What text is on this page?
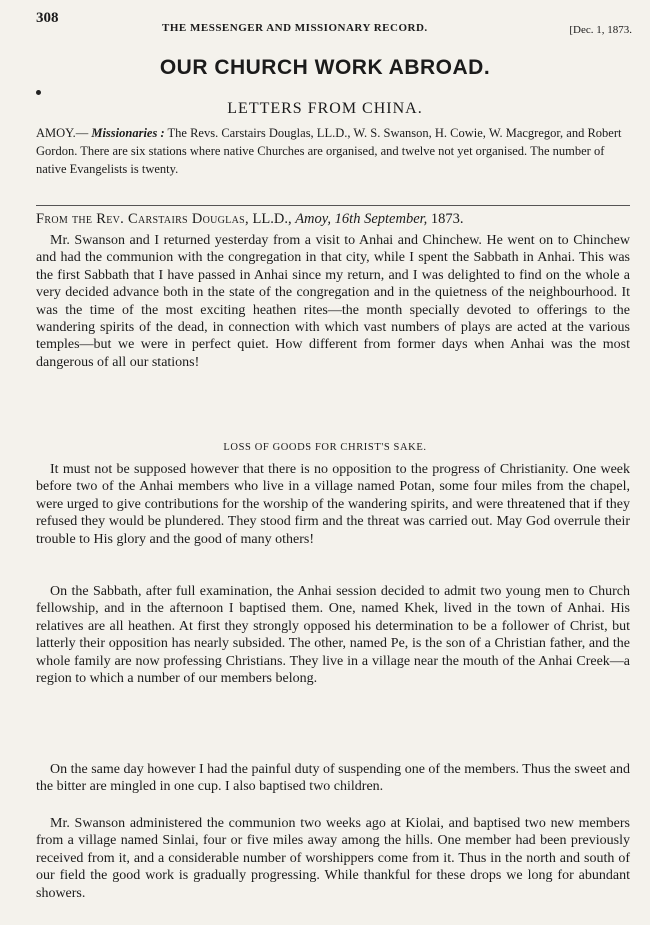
308
THE MESSENGER AND MISSIONARY RECORD.	[Dec. 1, 1873.
OUR CHURCH WORK ABROAD.
LETTERS FROM CHINA.
AMOY.— Missionaries : The Revs. Carstairs Douglas, LL.D., W. S. Swanson, H. Cowie, W. Macgregor, and Robert Gordon. There are six stations where native Churches are organised, and twelve not yet organised. The number of native Evangelists is twenty.
From the Rev. Carstairs Douglas, LL.D., Amoy, 16th September, 1873.

Mr. Swanson and I returned yesterday from a visit to Anhai and Chinchew. He went on to Chinchew and had the communion with the congregation in that city, while I spent the Sabbath in Anhai. This was the first Sabbath that I have passed in Anhai since my return, and I was delighted to find on the whole a very decided advance both in the state of the congregation and in the quietness of the neighbourhood. It was the time of the most exciting heathen rites—the month specially devoted to offerings to the wandering spirits of the dead, in connection with which vast numbers of plays are acted at the various temples—but we were in perfect quiet. How different from former days when Anhai was the most dangerous of all our stations!

LOSS OF GOODS FOR CHRIST'S SAKE.

It must not be supposed however that there is no opposition to the progress of Christianity. One week before two of the Anhai members who live in a village named Potan, some four miles from the chapel, were urged to give contributions for the worship of the wandering spirits, and were threatened that if they refused they would be plundered. They stood firm and the threat was carried out. May God overrule their trouble to His glory and the good of many others!

On the Sabbath, after full examination, the Anhai session decided to admit two young men to Church fellowship, and in the afternoon I baptised them. One, named Khek, lived in the town of Anhai. His relatives are all heathen. At first they strongly opposed his determination to be a follower of Christ, but latterly their opposition has nearly subsided. The other, named Pe, is the son of a Christian father, and the whole family are now professing Christians. They live in a village near the mouth of the Anhai Creek—a region to which a number of our members belong.

On the same day however I had the painful duty of suspending one of the members. Thus the sweet and the bitter are mingled in one cup. I also baptised two children.

Mr. Swanson administered the communion two weeks ago at Kiolai, and baptised two new members from a village named Sinlai, four or five miles away among the hills. One member had been previously received from it, and a considerable number of worshippers come from it. Thus in the north and south of our field the good work is gradually progressing. While thankful for these drops we long for abundant showers.
